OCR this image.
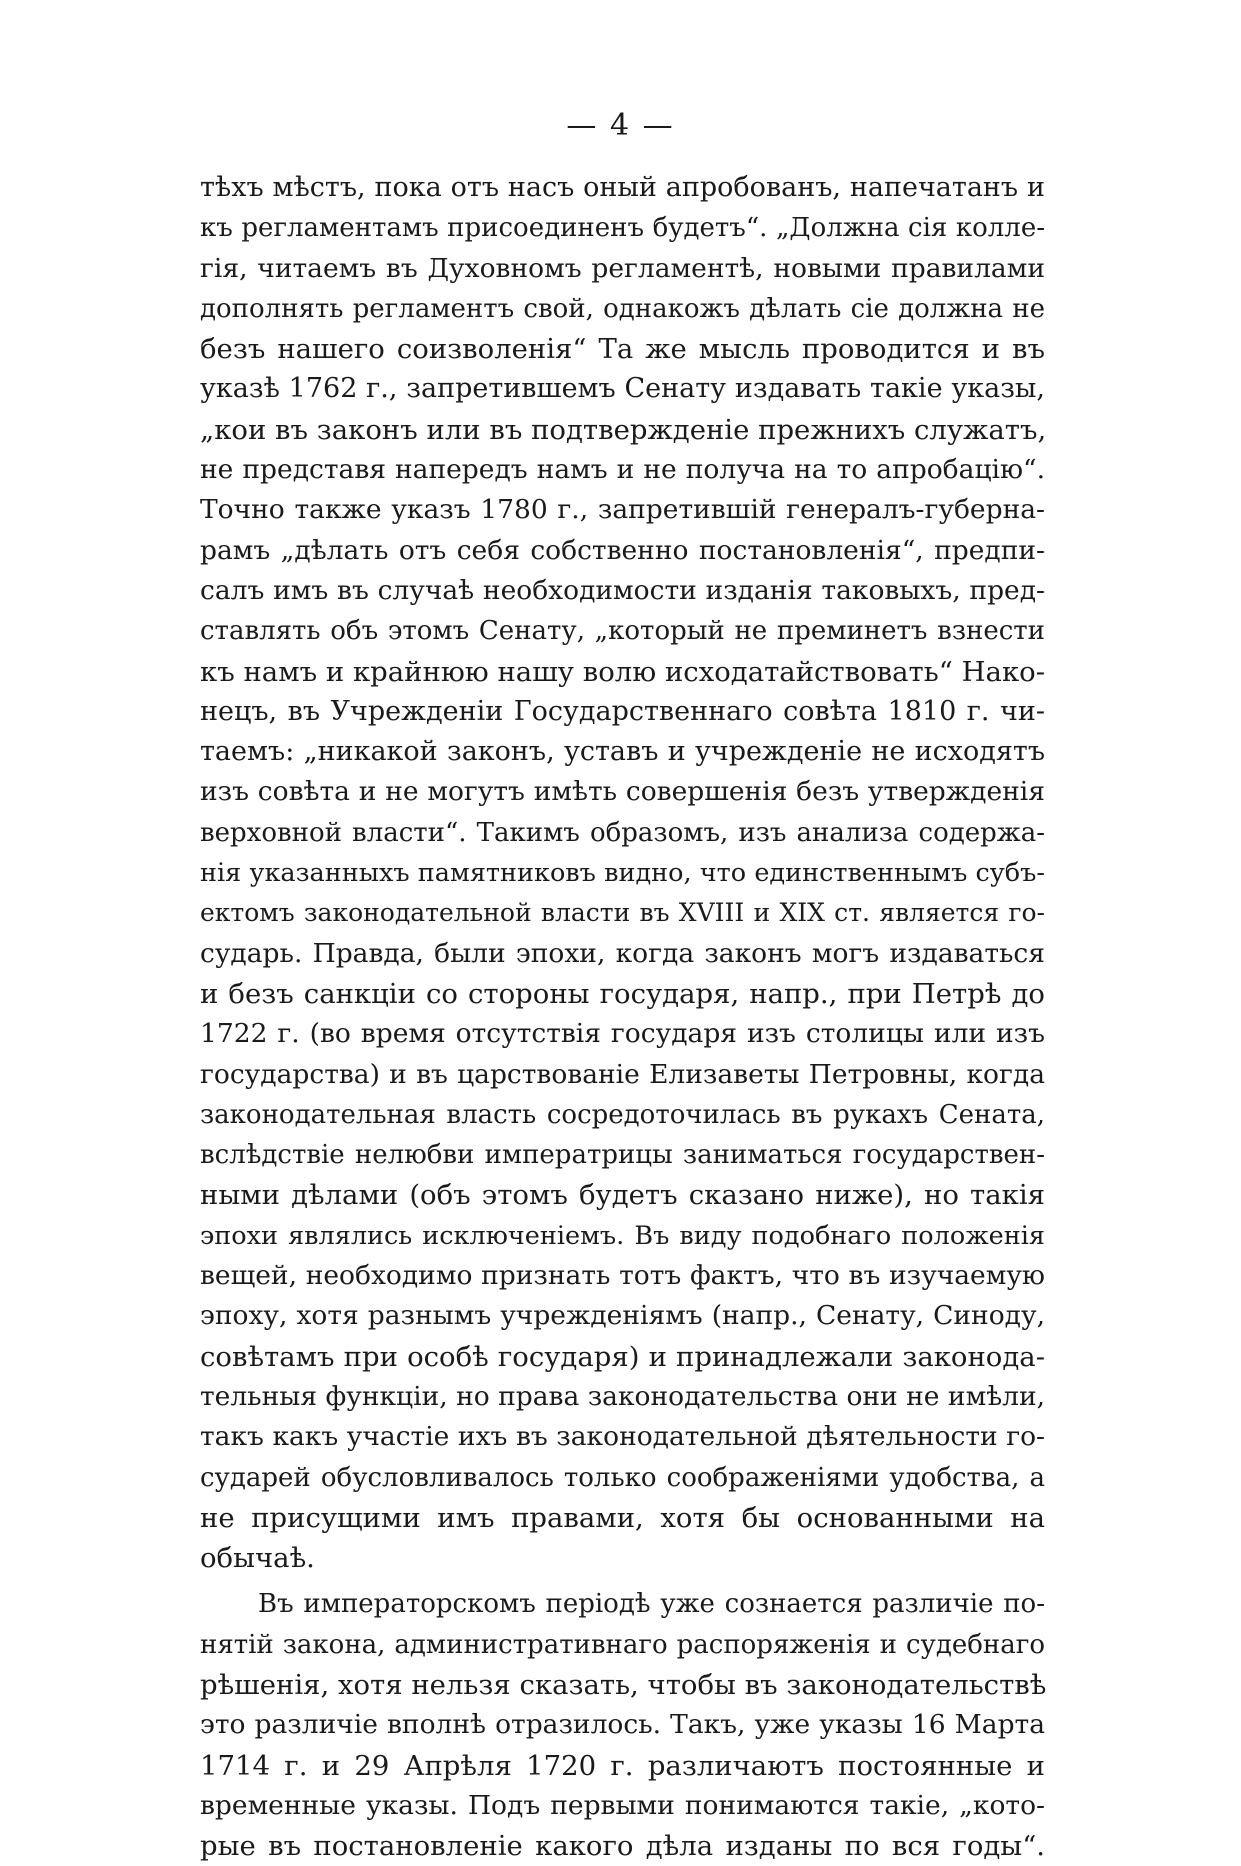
— 4 —
тѣхъ мѣстъ, пока отъ насъ оный апробованъ, напечатанъ и
къ регламентамъ присоединенъ будетъ“. „Должна сія колле-
гія, читаемъ въ Духовномъ регламентѣ, новыми правилами
дополнять регламентъ свой, однакожъ дѣлать сіе должна не
безъ нашего соизволенія“ Та же мысль проводится и въ
указѣ 1762 г., запретившемъ Сенату издавать такіе указы,
„кои въ законъ или въ подтвержденіе прежнихъ служатъ,
не представя напередъ намъ и не получа на то апробацію“.
Точно также указъ 1780 г., запретившій генералъ-губерна-
рамъ „дѣлать отъ себя собственно постановленія“, предпи-
салъ имъ въ случаѣ необходимости изданія таковыхъ, пред-
ставлять объ этомъ Сенату, „который не преминетъ взнести
къ намъ и крайнюю нашу волю исходатайствовать“ Нако-
нецъ, въ Учрежденіи Государственнаго совѣта 1810 г. чи-
таемъ: „никакой законъ, уставъ и учрежденіе не исходятъ
изъ совѣта и не могутъ имѣть совершенія безъ утвержденія
верховной власти“. Такимъ образомъ, изъ анализа содержа-
нія указанныхъ памятниковъ видно, что единственнымъ субъ-
ектомъ законодательной власти въ XVIII и XIX ст. является го-
сударь. Правда, были эпохи, когда законъ могъ издаваться
и безъ санкціи со стороны государя, напр., при Петрѣ до
1722 г. (во время отсутствія государя изъ столицы или изъ
государства) и въ царствованіе Елизаветы Петровны, когда
законодательная власть сосредоточилась въ рукахъ Сената,
вслѣдствіе нелюбви императрицы заниматься государствен-
ными дѣлами (объ этомъ будетъ сказано ниже), но такія
эпохи являлись исключеніемъ. Въ виду подобнаго положенія
вещей, необходимо признать тотъ фактъ, что въ изучаемую
эпоху, хотя разнымъ учрежденіямъ (напр., Сенату, Синоду,
совѣтамъ при особѣ государя) и принадлежали законода-
тельныя функціи, но права законодательства они не имѣли,
такъ какъ участіе ихъ въ законодательной дѣятельности го-
сударей обусловливалось только соображеніями удобства, а
не присущими имъ правами, хотя бы основанными на
обычаѣ.
Въ императорскомъ періодѣ уже сознается различіе по-
нятій закона, административнаго распоряженія и судебнаго
рѣшенія, хотя нельзя сказать, чтобы въ законодательствѣ
это различіе вполнѣ отразилось. Такъ, уже указы 16 Марта
1714 г. и 29 Апрѣля 1720 г. различаютъ постоянные и
временные указы. Подъ первыми понимаются такіе, „кото-
рые въ постановленіе какого дѣла изданы по вся годы“.
